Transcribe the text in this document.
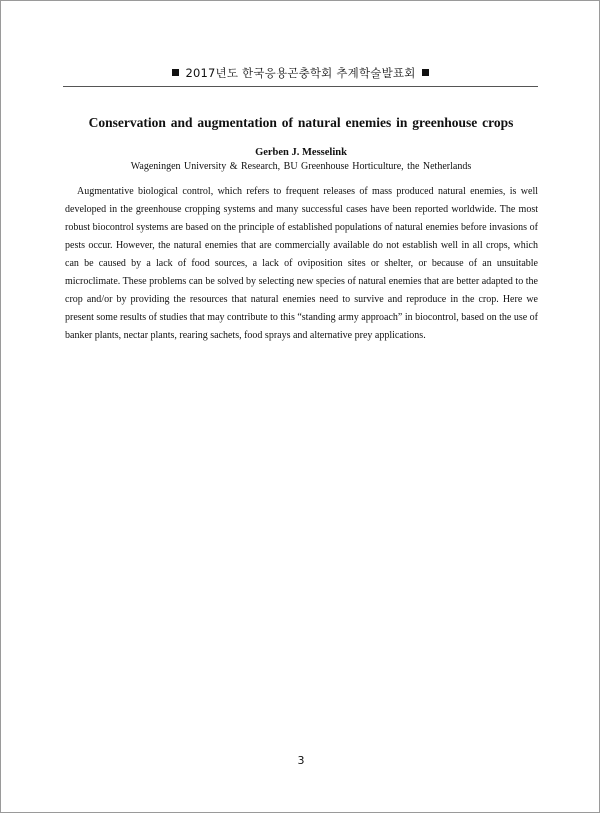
2017년도 한국응용곤충학회 추계학술발표회
Conservation and augmentation of natural enemies in greenhouse crops
Gerben J. Messelink
Wageningen University & Research, BU Greenhouse Horticulture, the Netherlands

Augmentative biological control, which refers to frequent releases of mass produced natural enemies, is well developed in the greenhouse cropping systems and many successful cases have been reported worldwide. The most robust biocontrol systems are based on the principle of established populations of natural enemies before invasions of pests occur. However, the natural enemies that are commercially available do not establish well in all crops, which can be caused by a lack of food sources, a lack of oviposition sites or shelter, or because of an unsuitable microclimate. These problems can be solved by selecting new species of natural enemies that are better adapted to the crop and/or by providing the resources that natural enemies need to survive and reproduce in the crop. Here we present some results of studies that may contribute to this “standing army approach” in biocontrol, based on the use of banker plants, nectar plants, rearing sachets, food sprays and alternative prey applications.

3
